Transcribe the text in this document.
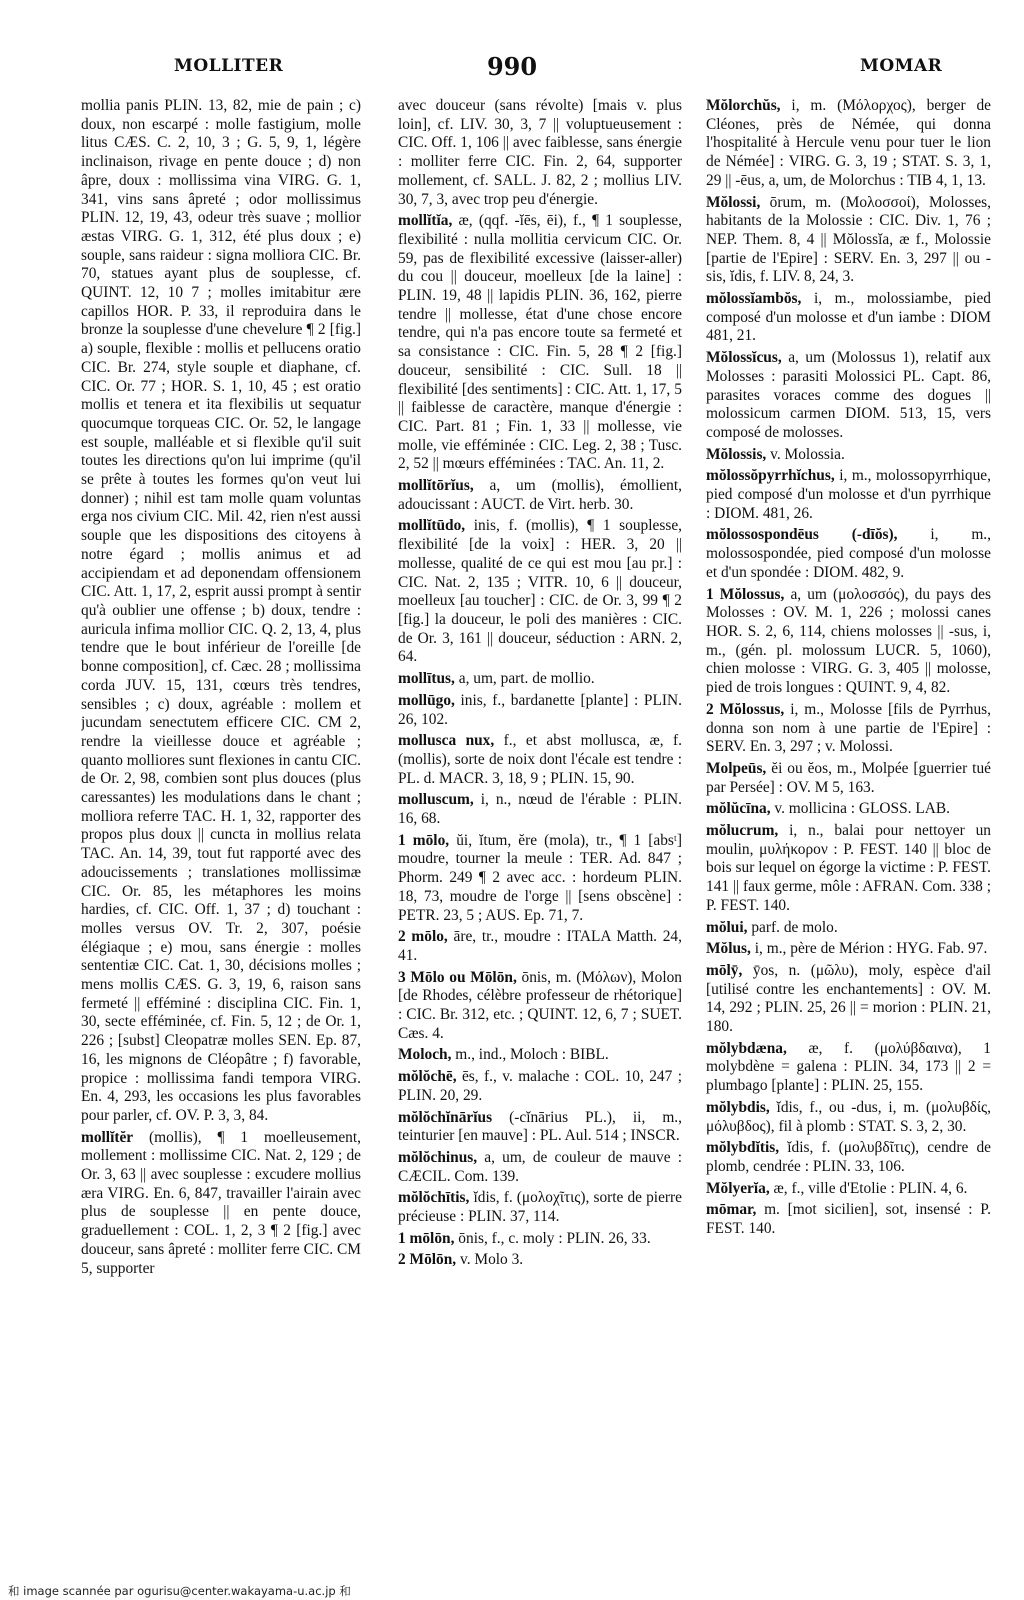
MOLLITER	990	MOMAR
mollia panis PLIN. 13, 82, mie de pain ; c) doux, non escarpé : molle fastigium, molle litus CÆS. C. 2, 10, 3 ; G. 5, 9, 1, légère inclinaison, rivage en pente douce ; d) non âpre, doux : mollissima vina VIRG. G. 1, 341, vins sans âpreté ; odor mollissimus PLIN. 12, 19, 43, odeur très suave ; mollior æstas VIRG. G. 1, 312, été plus doux ; e) souple, sans raideur : signa molliora CIC. Br. 70, statues ayant plus de souplesse, cf. QUINT. 12, 10 7 ; molles imitabitur ære capillos HOR. P. 33, il reproduira dans le bronze la souplesse d'une chevelure ¶ 2 [fig.] a) souple, flexible : mollis et pellucens oratio CIC. Br. 274, style souple et diaphane, cf. CIC. Or. 77 ; HOR. S. 1, 10, 45 ; est oratio mollis et tenera et ita flexibilis ut sequatur quocumque torqueas CIC. Or. 52, le langage est souple, malléable et si flexible qu'il suit toutes les directions qu'on lui imprime (qu'il se prête à toutes les formes qu'on veut lui donner) ; nihil est tam molle quam voluntas erga nos civium CIC. Mil. 42, rien n'est aussi souple que les dispositions des citoyens à notre égard ; mollis animus et ad accipiendam et ad deponendam offensionem CIC. Att. 1, 17, 2, esprit aussi prompt à sentir qu'à oublier une offense ; b) doux, tendre : auricula infima mollior CIC. Q. 2, 13, 4, plus tendre que le bout inférieur de l'oreille [de bonne composition], cf. Cæc. 28 ; mollissima corda JUV. 15, 131, cœurs très tendres, sensibles ; c) doux, agréable : mollem et jucundam senectutem efficere CIC. CM 2, rendre la vieillesse douce et agréable ; quanto molliores sunt flexiones in cantu CIC. de Or. 2, 98, combien sont plus douces (plus caressantes) les modulations dans le chant ; molliora referre TAC. H. 1, 32, rapporter des propos plus doux || cuncta in mollius relata TAC. An. 14, 39, tout fut rapporté avec des adoucissements ; translationes mollissimæ CIC. Or. 85, les métaphores les moins hardies, cf. CIC. Off. 1, 37 ; d) touchant : molles versus OV. Tr. 2, 307, poésie élégiaque ; e) mou, sans énergie : molles sententiæ CIC. Cat. 1, 30, décisions molles ; mens mollis CÆS. G. 3, 19, 6, raison sans fermeté || efféminé : disciplina CIC. Fin. 1, 30, secte efféminée, cf. Fin. 5, 12 ; de Or. 1, 226 ; [subst] Cleopatræ molles SEN. Ep. 87, 16, les mignons de Cléopâtre ; f) favorable, propice : mollissima fandi tempora VIRG. En. 4, 293, les occasions les plus favorables pour parler, cf. OV. P. 3, 3, 84.
mollĭtĕr (mollis), ¶ 1 moelleusement, mollement : mollissime CIC. Nat. 2, 129 ; de Or. 3, 63 || avec souplesse : excudere mollius æra VIRG. En. 6, 847, travailler l'airain avec plus de souplesse || en pente douce, graduellement : COL. 1, 2, 3 ¶ 2 [fig.] avec douceur, sans âpreté : molliter ferre CIC. CM 5, supporter
avec douceur (sans révolte) [mais v. plus loin], cf. LIV. 30, 3, 7 || voluptueusement : CIC. Off. 1, 106 || avec faiblesse, sans énergie : molliter ferre CIC. Fin. 2, 64, supporter mollement, cf. SALL. J. 82, 2 ; mollius LIV. 30, 7, 3, avec trop peu d'énergie.
mollĭtĭa, æ, (qqf. -ĭēs, ēi), f., ¶ 1 souplesse, flexibilité : nulla mollitia cervicum CIC. Or. 59, pas de flexibilité excessive (laisser-aller) du cou || douceur, moelleux [de la laine] : PLIN. 19, 48 || lapidis PLIN. 36, 162, pierre tendre || mollesse, état d'une chose encore tendre, qui n'a pas encore toute sa fermeté et sa consistance : CIC. Fin. 5, 28 ¶ 2 [fig.] douceur, sensibilité : CIC. Sull. 18 || flexibilité [des sentiments] : CIC. Att. 1, 17, 5 || faiblesse de caractère, manque d'énergie : CIC. Part. 81 ; Fin. 1, 33 || mollesse, vie molle, vie efféminée : CIC. Leg. 2, 38 ; Tusc. 2, 52 || mœurs efféminées : TAC. An. 11, 2.
mollĭtōrĭus, a, um (mollis), émollient, adoucissant : AUCT. de Virt. herb. 30.
mollĭtūdo, inis, f. (mollis), ¶ 1 souplesse, flexibilité [de la voix] : HER. 3, 20 || mollesse, qualité de ce qui est mou [au pr.] : CIC. Nat. 2, 135 ; VITR. 10, 6 || douceur, moelleux [au toucher] : CIC. de Or. 3, 99 ¶ 2 [fig.] la douceur, le poli des manières : CIC. de Or. 3, 161 || douceur, séduction : ARN. 2, 64.
mollītus, a, um, part. de mollio.
mollūgo, inis, f., bardanette [plante] : PLIN. 26, 102.
mollusca nux, f., et abst mollusca, æ, f. (mollis), sorte de noix dont l'écale est tendre : PL. d. MACR. 3, 18, 9 ; PLIN. 15, 90.
molluscum, i, n., nœud de l'érable : PLIN. 16, 68.
1 mōlo, ŭi, ĭtum, ĕre (mola), tr., ¶ 1 [absᵗ] moudre, tourner la meule : TER. Ad. 847 ; Phorm. 249 ¶ 2 avec acc. : hordeum PLIN. 18, 73, moudre de l'orge || [sens obscène] : PETR. 23, 5 ; AUS. Ep. 71, 7.
2 mōlo, āre, tr., moudre : ITALA Matth. 24, 41.
3 Mōlo ou Mōlōn, ōnis, m. (Μόλων), Molon [de Rhodes, célèbre professeur de rhétorique] : CIC. Br. 312, etc. ; QUINT. 12, 6, 7 ; SUET. Cæs. 4.
Moloch, m., ind., Moloch : BIBL.
mŏlŏchē, ēs, f., v. malache : COL. 10, 247 ; PLIN. 20, 29.
mŏlŏchĭnārĭus (-cĭnārius PL.), ii, m., teinturier [en mauve] : PL. Aul. 514 ; INSCR.
mŏlŏchinus, a, um, de couleur de mauve : CÆCIL. Com. 139.
mŏlŏchītis, ĭdis, f. (μολοχῖτις), sorte de pierre précieuse : PLIN. 37, 114.
1 mōlōn, ōnis, f., c. moly : PLIN. 26, 33.
2 Mōlōn, v. Molo 3.
Mŏlorchŭs, i, m. (Μόλορχος), berger de Cléones, près de Némée, qui donna l'hospitalité à Hercule venu pour tuer le lion de Némée] : VIRG. G. 3, 19 ; STAT. S. 3, 1, 29 || -ēus, a, um, de Molorchus : TIB 4, 1, 13.
Mŏlossi, ōrum, m. (Μολοσσοί), Molosses, habitants de la Molossie : CIC. Div. 1, 76 ; NEP. Them. 8, 4 || Mŏlossĭa, æ f., Molossie [partie de l'Epire] : SERV. En. 3, 297 || ou -sis, ĭdis, f. LIV. 8, 24, 3.
mŏlossĭambŏs, i, m., molossiambe, pied composé d'un molosse et d'un iambe : DIOM 481, 21.
Mŏlossĭcus, a, um (Molossus 1), relatif aux Molosses : parasiti Molossici PL. Capt. 86, parasites voraces comme des dogues || molossicum carmen DIOM. 513, 15, vers composé de molosses.
Mŏlossis, v. Molossia.
mŏlossŏpyrrhĭchus, i, m., molossopyrrhique, pied composé d'un molosse et d'un pyrrhique : DIOM. 481, 26.
mŏlossospondēus (-dīŏs), i, m., molossospondée, pied composé d'un molosse et d'un spondée : DIOM. 482, 9.
1 Mŏlossus, a, um (μολοσσός), du pays des Molosses : OV. M. 1, 226 ; molossi canes HOR. S. 2, 6, 114, chiens molosses || -sus, i, m., (gén. pl. molossum LUCR. 5, 1060), chien molosse : VIRG. G. 3, 405 || molosse, pied de trois longues : QUINT. 9, 4, 82.
2 Mŏlossus, i, m., Molosse [fils de Pyrrhus, donna son nom à une partie de l'Epire] : SERV. En. 3, 297 ; v. Molossi.
Molpeūs, ĕi ou ĕos, m., Molpée [guerrier tué par Persée] : OV. M 5, 163.
mŏlŭcīna, v. mollicina : GLOSS. LAB.
mŏlucrum, i, n., balai pour nettoyer un moulin, μυλήκορον : P. FEST. 140 || bloc de bois sur lequel on égorge la victime : P. FEST. 141 || faux germe, môle : AFRAN. Com. 338 ; P. FEST. 140.
mŏlui, parf. de molo.
Mŏlus, i, m., père de Mérion : HYG. Fab. 97.
mōlȳ, ȳos, n. (μῶλυ), moly, espèce d'ail [utilisé contre les enchantements] : OV. M. 14, 292 ; PLIN. 25, 26 || = morion : PLIN. 21, 180.
mŏlybdæna, æ, f. (μολύβδαινα), 1 molybdène = galena : PLIN. 34, 173 || 2 = plumbago [plante] : PLIN. 25, 155.
mŏlybdis, ĭdis, f., ou -dus, i, m. (μολυβδίς, μόλυβδος), fil à plomb : STAT. S. 3, 2, 30.
mŏlybdĭtis, ĭdis, f. (μολυβδῖτις), cendre de plomb, cendrée : PLIN. 33, 106.
Mŏlyerĭa, æ, f., ville d'Etolie : PLIN. 4, 6.
mōmar, m. [mot sicilien], sot, insensé : P. FEST. 140.
和 image scannée par ogurisu@center.wakayama-u.ac.jp 和
